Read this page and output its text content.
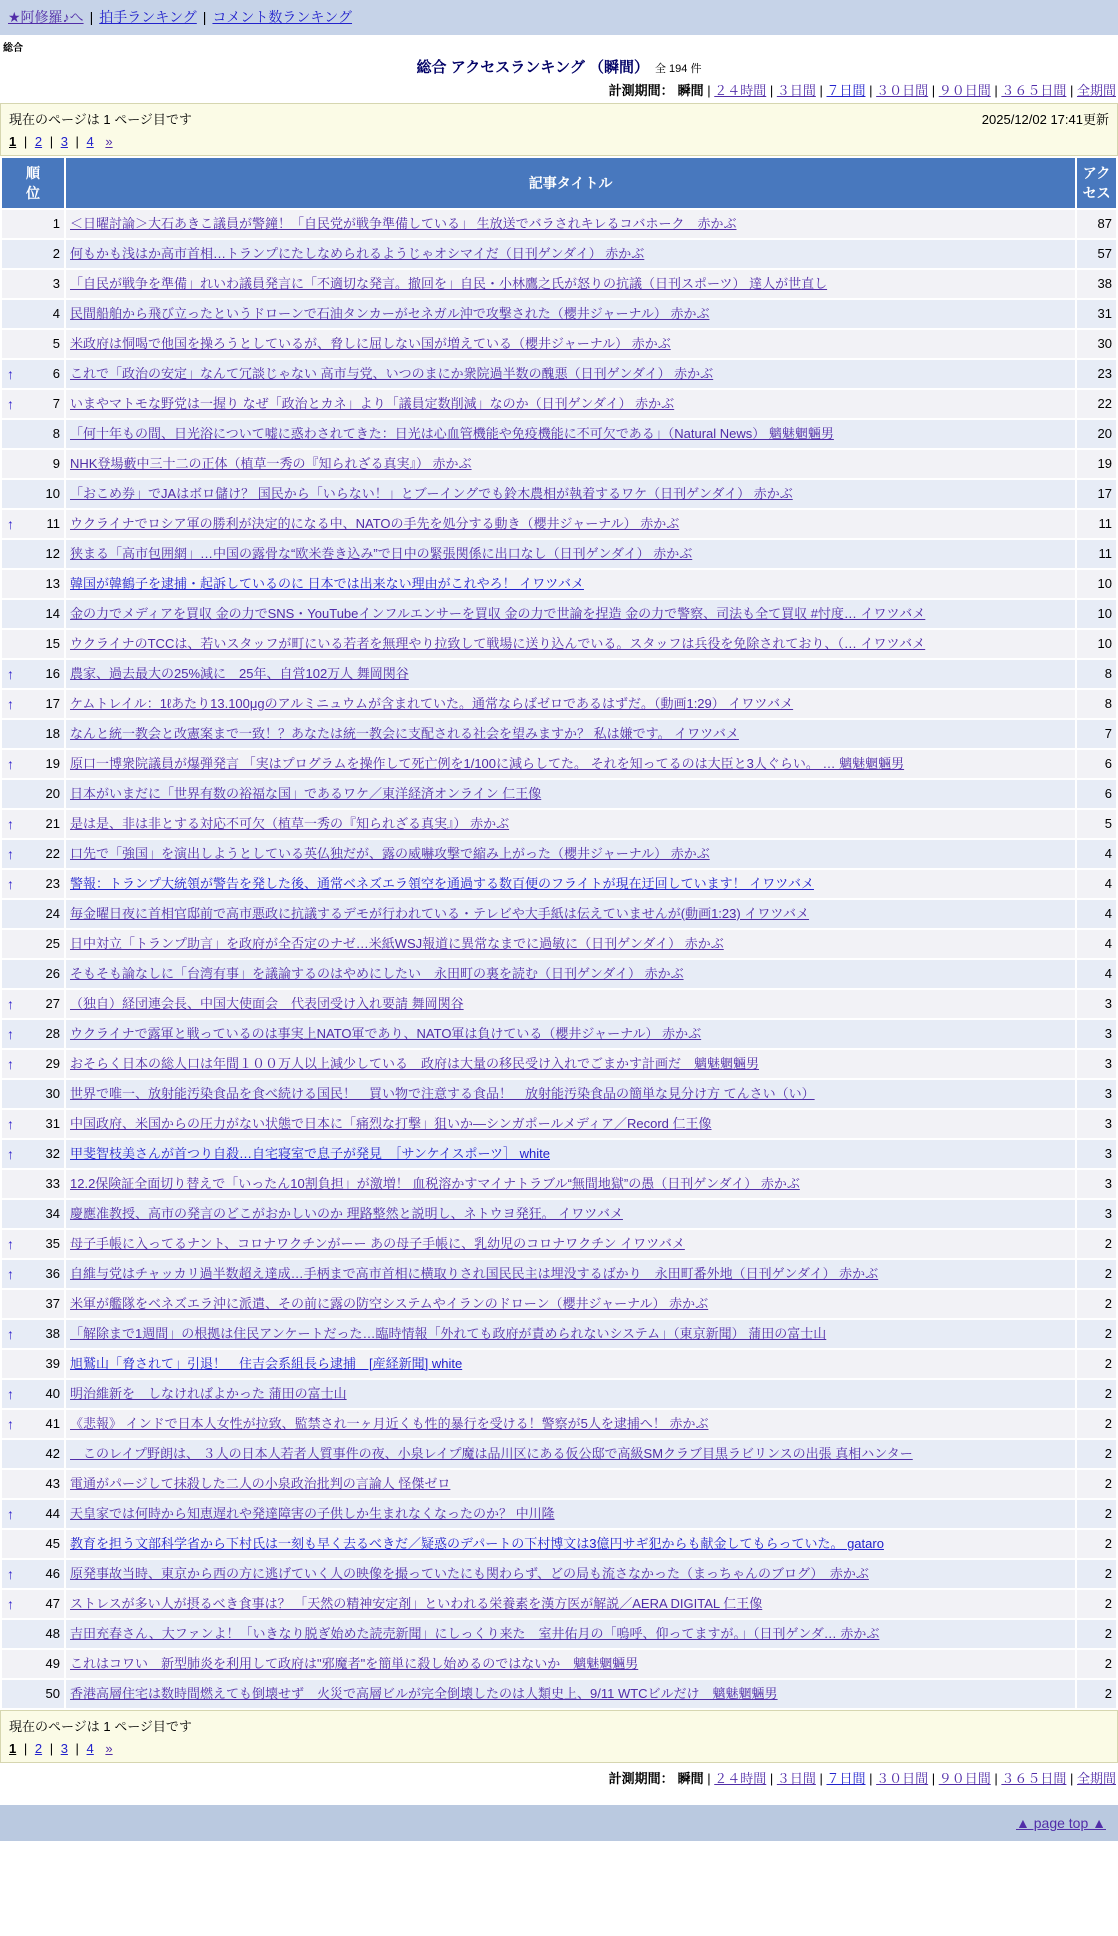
★阿修羅♪へ | 拍手ランキング | コメント数ランキング
総合
総合 アクセスランキング （瞬間） 全 194 件
計測期間： 瞬間 | ２４時間 | ３日間 | ７日間 | ３０日間 | ９０日間 | ３６５日間 | 全期間
現在のページは 1 ページ目です	2025/12/02 17:41更新
1 | 2 | 3 | 4 »
順位	記事タイトル	アクセス
1	＜日曜討論＞大石あきこ議員が警鐘！「自民党が戦争準備している」 生放送でバラされキレるコバホーク　赤かぶ	87
2	何もかも浅はか高市首相…トランプにたしなめられるようじゃオシマイだ（日刊ゲンダイ） 赤かぶ	57
3	「自民が戦争を準備」れいわ議員発言に「不適切な発言。撤回を」自民・小林鷹之氏が怒りの抗議（日刊スポーツ） 達人が世直し	38
4	民間船舶から飛び立ったというドローンで石油タンカーがセネガル沖で攻撃された（櫻井ジャーナル） 赤かぶ	31
5	米政府は恫喝で他国を操ろうとしているが、脅しに屈しない国が増えている（櫻井ジャーナル） 赤かぶ	30

↑ 6	これで「政治の安定」なんて冗談じゃない 高市与党、いつのまにか衆院過半数の醜悪（日刊ゲンダイ） 赤かぶ	23

↑ 7	いまやマトモな野党は一握り なぜ「政治とカネ」より「議員定数削減」なのか（日刊ゲンダイ） 赤かぶ	22
8	「何十年もの間、日光浴について嘘に惑わされてきた：日光は心血管機能や免疫機能に不可欠である」（Natural News） 魑魅魍魎男	20
9	NHK登場藪中三十二の正体（植草一秀の『知られざる真実』） 赤かぶ	19
10	「おこめ券」でJAはボロ儲け？ 国民から「いらない！」とブーイングでも鈴木農相が執着するワケ（日刊ゲンダイ） 赤かぶ	17

↑ 11	ウクライナでロシア軍の勝利が決定的になる中、NATOの手先を処分する動き（櫻井ジャーナル） 赤かぶ	11
12	狭まる「高市包囲網」…中国の露骨な“欧米巻き込み”で日中の緊張関係に出口なし（日刊ゲンダイ） 赤かぶ	11
13	韓国が韓鶴子を逮捕・起訴しているのに 日本では出来ない理由がこれやろ！ イワツバメ	10
14	金の力でメディアを買収 金の力でSNS・YouTubeインフルエンサーを買収 金の力で世論を捏造 金の力で警察、司法も全て買収 #忖度… イワツバメ	10
15	ウクライナのTCCは、若いスタッフが町にいる若者を無理やり拉致して戦場に送り込んでいる。スタッフは兵役を免除されており、（… イワツバメ	10

↑ 16	農家、過去最大の25%減に　25年、自営102万人 舞岡関谷	8

↑ 17	ケムトレイル：1ℓあたり13.100μgのアルミニュウムが含まれていた。通常ならばゼロであるはずだ。（動画1:29） イワツバメ	8
18	なんと統一教会と改憲案まで一致！？あなたは統一教会に支配される社会を望みますか？ 私は嫌です。 イワツバメ	7

↑ 19	原口一博衆院議員が爆弾発言 「実はプログラムを操作して死亡例を1/100に減らしてた。 それを知ってるのは大臣と3人ぐらい。 … 魑魅魍魎男	6
20	日本がいまだに「世界有数の裕福な国」であるワケ／東洋経済オンライン 仁王像	6

↑ 21	是は是、非は非とする対応不可欠（植草一秀の『知られざる真実』） 赤かぶ	5

↑ 22	口先で「強国」を演出しようとしている英仏独だが、露の威嚇攻撃で縮み上がった（櫻井ジャーナル） 赤かぶ	4

↑ 23	警報：トランプ大統領が警告を発した後、通常ベネズエラ領空を通過する数百便のフライトが現在迂回しています！ イワツバメ	4
24	毎金曜日夜に首相官邸前で高市悪政に抗議するデモが行われている・テレビや大手紙は伝えていませんが(動画1:23) イワツバメ	4
25	日中対立「トランプ助言」を政府が全否定のナゼ…米紙WSJ報道に異常なまでに過敏に（日刊ゲンダイ） 赤かぶ	4
26	そもそも論なしに「台湾有事」を議論するのはやめにしたい　永田町の裏を読む（日刊ゲンダイ） 赤かぶ	4

↑ 27	（独自）経団連会長、中国大使面会　代表団受け入れ要請 舞岡関谷	3

↑ 28	ウクライナで露軍と戦っているのは事実上NATO軍であり、NATO軍は負けている（櫻井ジャーナル） 赤かぶ	3

↑ 29	おそらく日本の総人口は年間１００万人以上減少している　政府は大量の移民受け入れでごまかす計画だ　魑魅魍魎男	3
30	世界で唯一、放射能汚染食品を食べ続ける国民！　買い物で注意する食品！　放射能汚染食品の簡単な見分け方 てんさい（い）	3

↑ 31	中国政府、米国からの圧力がない状態で日本に「痛烈な打撃」狙いか―シンガポールメディア／Record 仁王像	3

↑ 32	甲斐智枝美さんが首つり自殺…自宅寝室で息子が発見　［サンケイスポーツ］ white	3
33	12.2保険証全面切り替えで「いったん10割負担」が激増！ 血税溶かすマイナトラブル“無間地獄”の愚（日刊ゲンダイ） 赤かぶ	3
34	慶應准教授、高市の発言のどこがおかしいのか 理路整然と説明し、ネトウヨ発狂。 イワツバメ	3

↑ 35	母子手帳に入ってるナント、コロナワクチンがーー あの母子手帳に、乳幼児のコロナワクチン イワツバメ	2

↑ 36	自維与党はチャッカリ過半数超え達成…手柄まで高市首相に横取りされ国民民主は埋没するばかり　永田町番外地（日刊ゲンダイ） 赤かぶ	2
37	米軍が艦隊をベネズエラ沖に派遣、その前に露の防空システムやイランのドローン（櫻井ジャーナル） 赤かぶ	2

↑ 38	「解除まで1週間」の根拠は住民アンケートだった…臨時情報「外れても政府が責められないシステム」（東京新聞） 蒲田の富士山	2
39	旭鷲山「脅されて」引退！　住吉会系組長ら逮捕　[産経新聞] white	2

↑ 40	明治維新を　しなければよかった 蒲田の富士山	2

↑ 41	《悲報》 インドで日本人女性が拉致、監禁され一ヶ月近くも性的暴行を受ける！警察が5人を逮捕へ！ 赤かぶ	2
42	　このレイプ野朗は、 ３人の日本人若者人質事件の夜、小泉レイプ魔は品川区にある仮公邸で高級SMクラブ目黒ラビリンスの出張 真相ハンター	2
43	電通がパージして抹殺した二人の小泉政治批判の言論人 怪傑ゼロ	2

↑ 44	天皇家では何時から知恵遅れや発達障害の子供しか生まれなくなったのか？ 中川隆	2
45	教育を担う文部科学省から下村氏は一刻も早く去るべきだ／疑惑のデパートの下村博文は3億円サギ犯からも献金してもらっていた。 gataro	2

↑ 46	原発事故当時、東京から西の方に逃げていく人の映像を撮っていたにも関わらず、どの局も流さなかった（まっちゃんのブログ）　赤かぶ	2

↑ 47	ストレスが多い人が摂るべき食事は？ 「天然の精神安定剤」といわれる栄養素を漢方医が解説／AERA DIGITAL 仁王像	2
48	吉田充春さん、大ファンよ！「いきなり脱ぎ始めた読売新聞」にしっくり来た　室井佑月の「嗚呼、仰ってますが。」（日刊ゲンダ… 赤かぶ	2
49	これはコワい　新型肺炎を利用して政府は"邪魔者"を簡単に殺し始めるのではないか　魑魅魍魎男	2
50	香港高層住宅は数時間燃えても倒壊せず　火災で高層ビルが完全倒壊したのは人類史上、9/11 WTCビルだけ　魑魅魍魎男	2
現在のページは 1 ページ目です
1 | 2 | 3 | 4 »
計測期間： 瞬間 | ２４時間 | ３日間 | ７日間 | ３０日間 | ９０日間 | ３６５日間 | 全期間
▲ page top ▲
